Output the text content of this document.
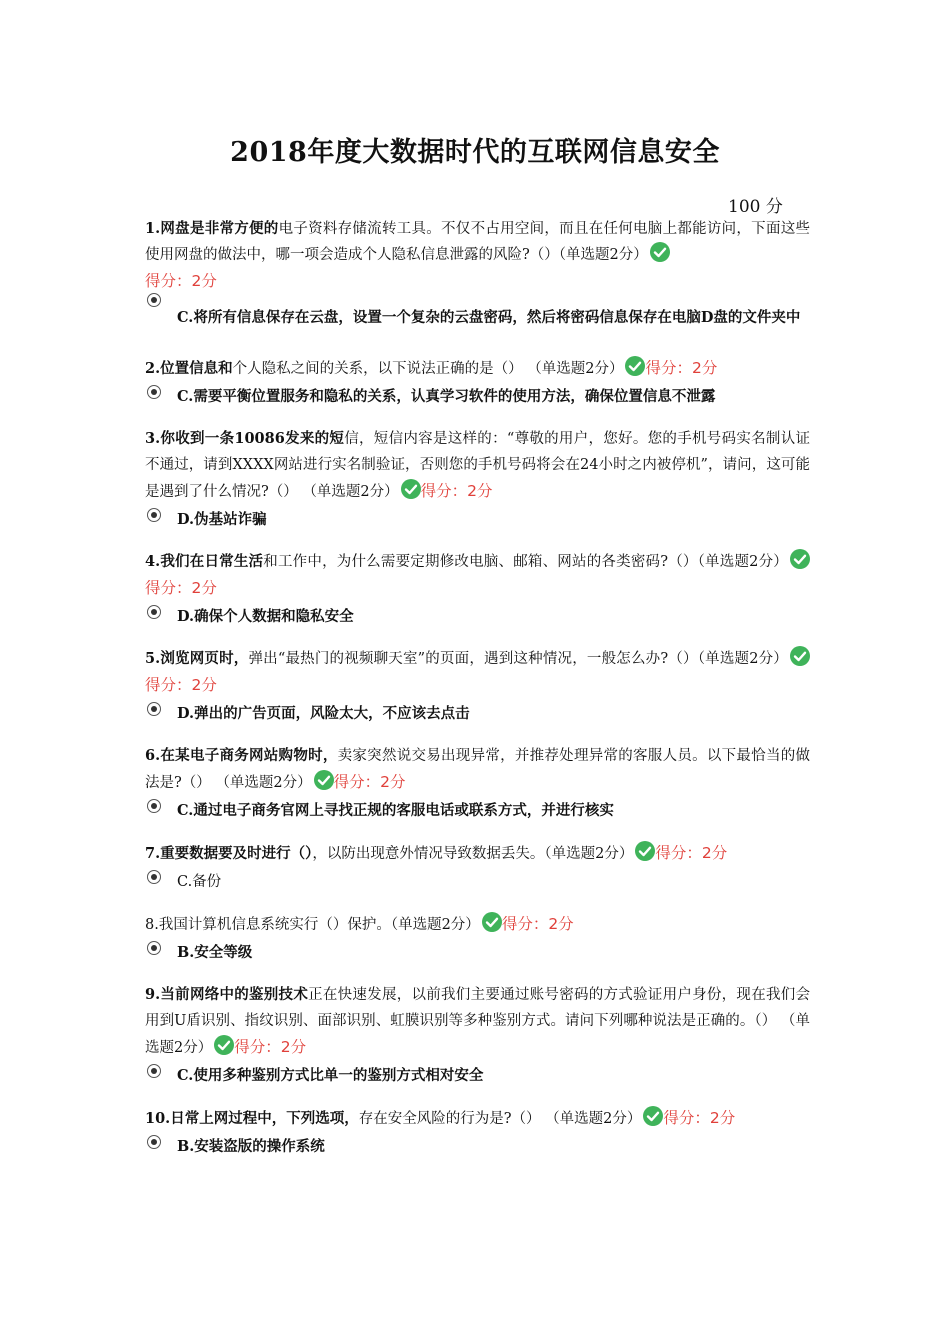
2018年度大数据时代的互联网信息安全
100 分
1.网盘是非常方便的电子资料存储流转工具。不仅不占用空间，而且在任何电脑上都能访问，下面这些使用网盘的做法中，哪一项会造成个人隐私信息泄露的风险?（）（单选题2分）
得分：2分
C.将所有信息保存在云盘，设置一个复杂的云盘密码，然后将密码信息保存在电脑D盘的文件夹中
2.位置信息和个人隐私之间的关系，以下说法正确的是（） （单选题2分） 得分：2分
C.需要平衡位置服务和隐私的关系，认真学习软件的使用方法，确保位置信息不泄露
3.你收到一条10086发来的短信，短信内容是这样的：“尊敬的用户，您好。您的手机号码实名制认证不通过，请到XXXX网站进行实名制验证，否则您的手机号码将会在24小时之内被停机”，请问，这可能是遇到了什么情况?（） （单选题2分） 得分：2分
D.伪基站诈骗
4.我们在日常生活和工作中，为什么需要定期修改电脑、邮箱、网站的各类密码?（）（单选题2分）得分：2分
D.确保个人数据和隐私安全
5.浏览网页时，弹出“最热门的视频聊天室”的页面，遇到这种情况，一般怎么办?（）（单选题2分）得分：2分
D.弹出的广告页面，风险太大，不应该去点击
6.在某电子商务网站购物时，卖家突然说交易出现异常，并推荐处理异常的客服人员。以下最恰当的做法是?（） （单选题2分） 得分：2分
C.通过电子商务官网上寻找正规的客服电话或联系方式，并进行核实
7.重要数据要及时进行（），以防出现意外情况导致数据丢失。（单选题2分） 得分：2分
C.备份
8.我国计算机信息系统实行（）保护。（单选题2分） 得分：2分
B.安全等级
9.当前网络中的鉴别技术正在快速发展，以前我们主要通过账号密码的方式验证用户身份，现在我们会用到U盾识别、指纹识别、面部识别、虹膜识别等多种鉴别方式。请问下列哪种说法是正确的。（） （单选题2分） 得分：2分
C.使用多种鉴别方式比单一的鉴别方式相对安全
10.日常上网过程中，下列选项，存在安全风险的行为是?（） （单选题2分） 得分：2分
B.安装盗版的操作系统
